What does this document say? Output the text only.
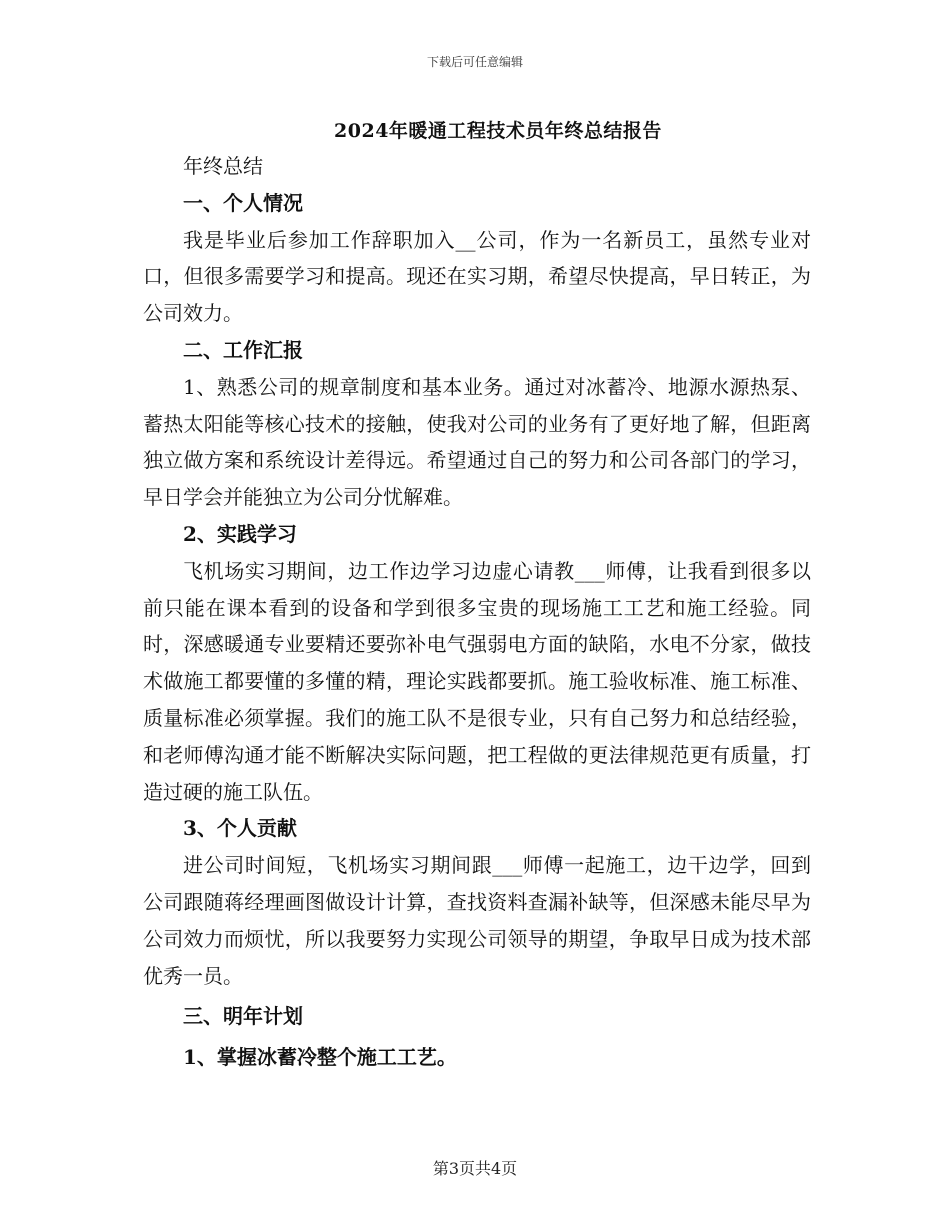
下载后可任意编辑
2024年暖通工程技术员年终总结报告

年终总结

一、个人情况

我是毕业后参加工作辞职加入__公司，作为一名新员工，虽然专业对口，但很多需要学习和提高。现还在实习期，希望尽快提高，早日转正，为公司效力。

二、工作汇报

1、熟悉公司的规章制度和基本业务。通过对冰蓄冷、地源水源热泵、蓄热太阳能等核心技术的接触，使我对公司的业务有了更好地了解，但距离独立做方案和系统设计差得远。希望通过自己的努力和公司各部门的学习，早日学会并能独立为公司分忧解难。

2、实践学习

飞机场实习期间，边工作边学习边虚心请教___师傅，让我看到很多以前只能在课本看到的设备和学到很多宝贵的现场施工工艺和施工经验。同时，深感暖通专业要精还要弥补电气强弱电方面的缺陷，水电不分家，做技术做施工都要懂的多懂的精，理论实践都要抓。施工验收标准、施工标准、质量标准必须掌握。我们的施工队不是很专业，只有自己努力和总结经验，和老师傅沟通才能不断解决实际问题，把工程做的更法律规范更有质量，打造过硬的施工队伍。

3、个人贡献

进公司时间短，飞机场实习期间跟___师傅一起施工，边干边学，回到公司跟随蒋经理画图做设计计算，查找资料查漏补缺等，但深感未能尽早为公司效力而烦忧，所以我要努力实现公司领导的期望，争取早日成为技术部优秀一员。

三、明年计划

1、掌握冰蓄冷整个施工工艺。

第3页共4页
